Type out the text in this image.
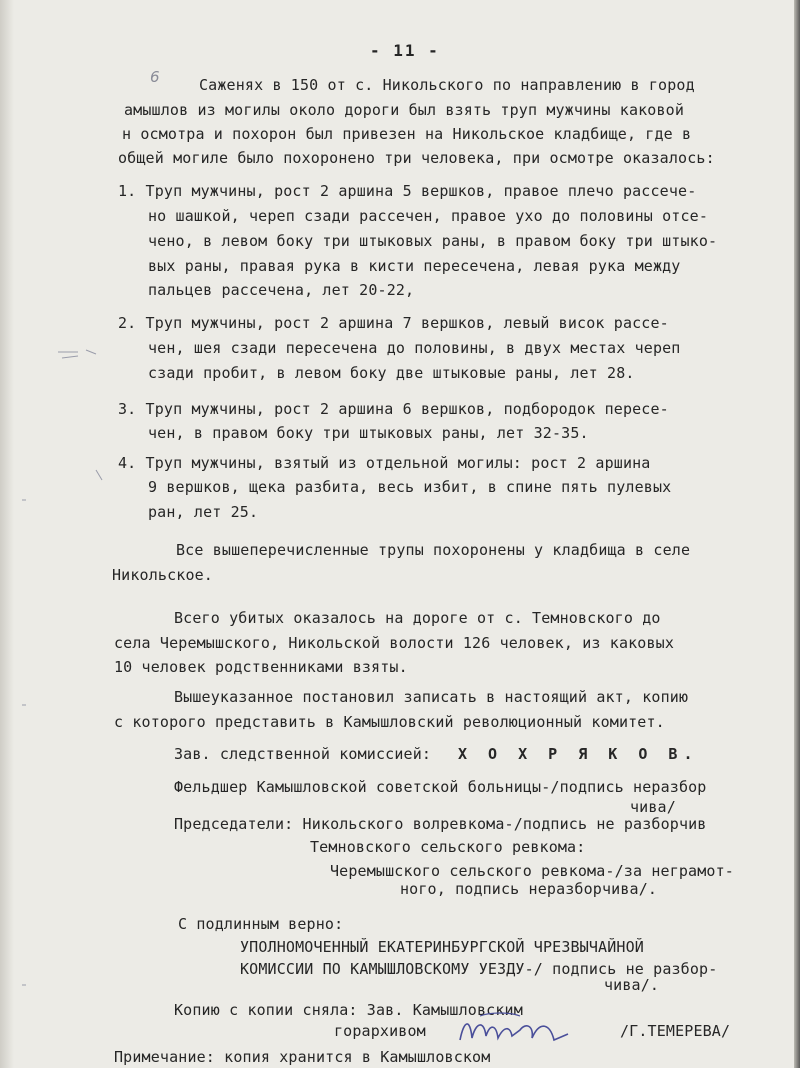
- 11 -
6	Саженях в 150 от с. Никольского по направлению в город
амышлов из могилы около дороги был взять труп мужчины каковой
н осмотра и похорон был привезен на Никольское кладбище, где в
общей могиле было похоронено три человека, при осмотре оказалось:
1. Труп мужчины, рост 2 аршина 5 вершков, правое плечо рассече-
но шашкой, череп сзади рассечен, правое ухо до половины отсе-
чено, в левом боку три штыковых раны, в правом боку три штыко-
вых раны, правая рука в кисти пересечена, левая рука между
пальцев рассечена, лет 20-22,
2. Труп мужчины, рост 2 аршина 7 вершков, левый висок рассе-
чен, шея сзади пересечена до половины, в двух местах череп
сзади пробит, в левом боку две штыковые раны, лет 28.
3. Труп мужчины, рост 2 аршина 6 вершков, подбородок пересе-
чен, в правом боку три штыковых раны, лет 32-35.
4. Труп мужчины, взятый из отдельной могилы: рост 2 аршина
9 вершков, щека разбита, весь избит, в спине пять пулевых
ран, лет 25.
Все вышеперечисленные трупы похоронены у кладбища в селе
Никольское.
Всего убитых оказалось на дороге от с. Темновского до
села Черемышского, Никольской волости 126 человек, из каковых
10 человек родственниками взяты.
Вышеуказанное постановил записать в настоящий акт, копию
с которого представить в Камышловский революционный комитет.
Зав. следственной комиссией: Х О Х Р Я К О В.
Фельдшер Камышловской советской больницы-/подпись неразбор
чива/
Председатели: Никольского волревкома-/подпись не разборчив
Темновского сельского ревкома:
Черемышского сельского ревкома-/за неграмот-
ного, подпись неразборчива/.
С подлинным верно:
УПОЛНОМОЧЕННЫЙ ЕКАТЕРИНБУРГСКОЙ ЧРЕЗВЫЧАЙНОЙ
КОМИССИИ ПО КАМЫШЛОВСКОМУ УЕЗДУ-/ подпись не разбор-
чива/.
Копию с копии сняла: Зав. Камышловским
горархивом	/Г.ТЕМЕРЕВА/
Примечание: копия хранится в Камышловском
